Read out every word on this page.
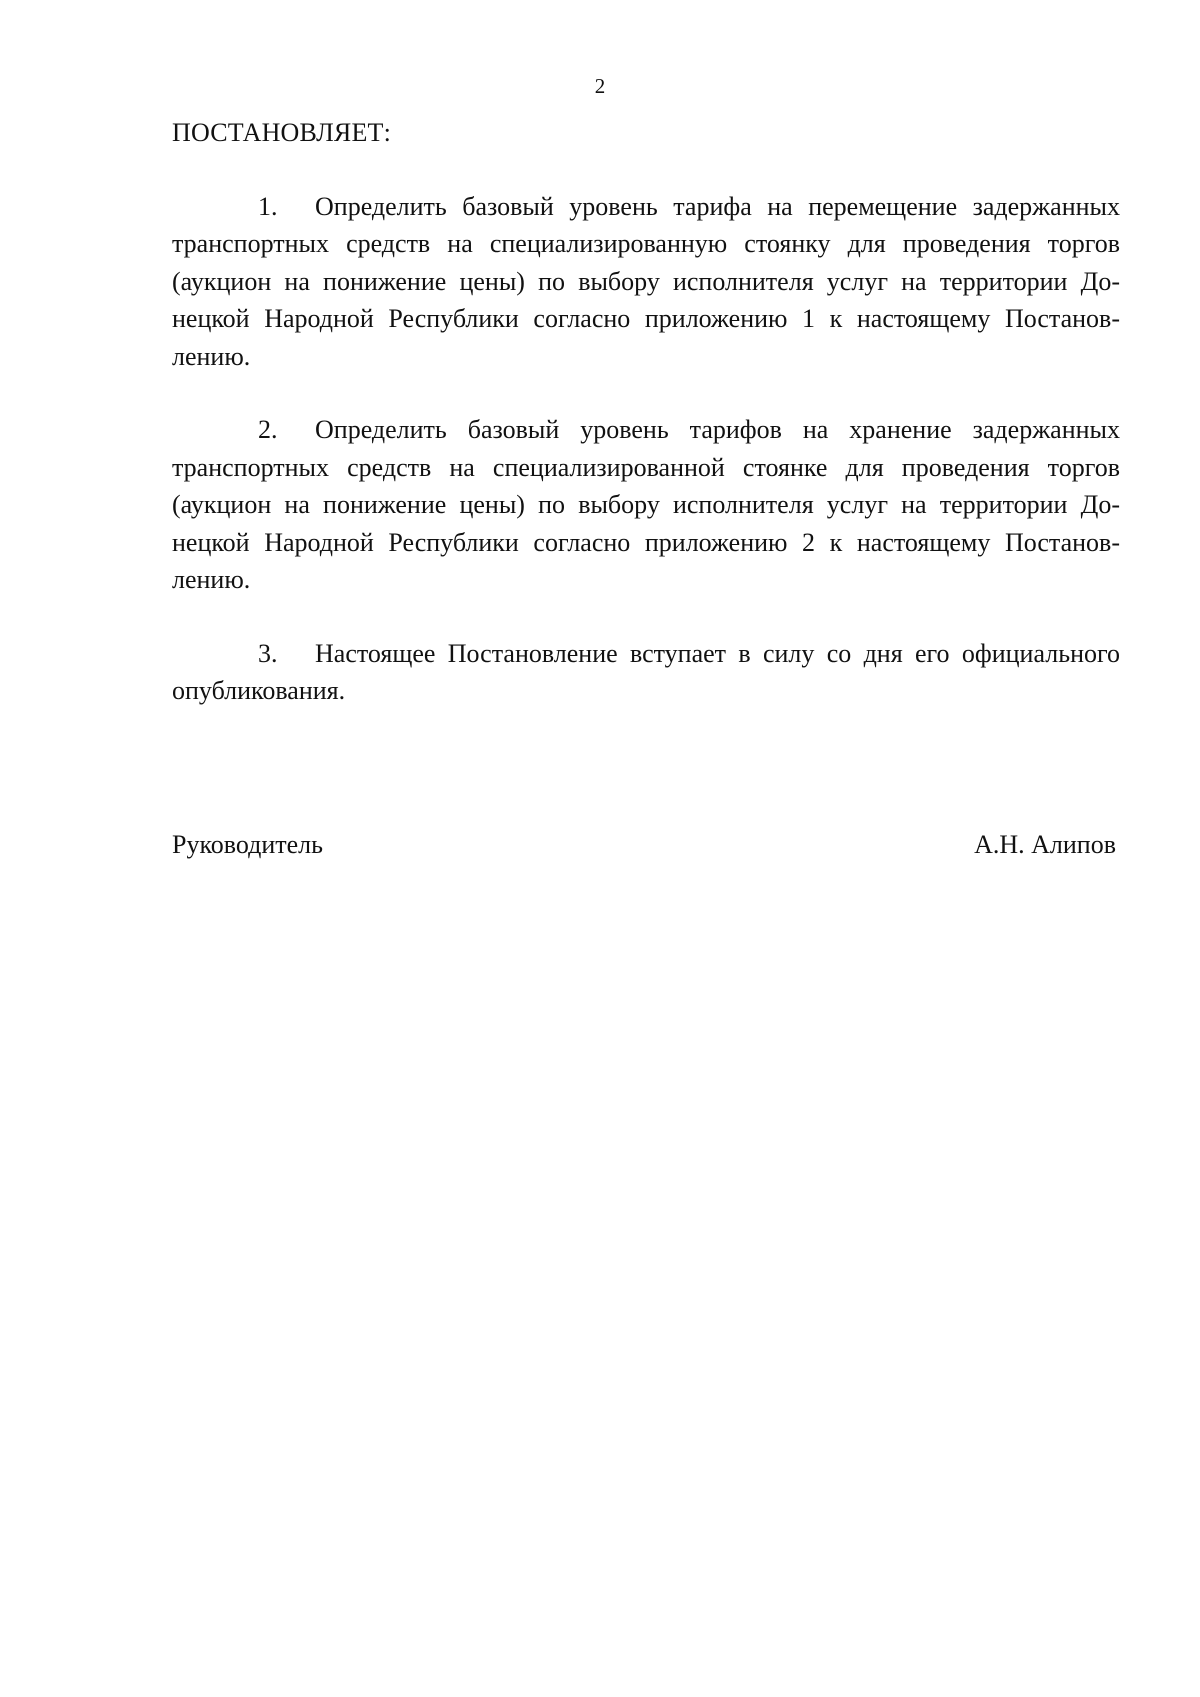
2

ПОСТАНОВЛЯЕТ:

1. Определить базовый уровень тарифа на перемещение задержанных транспортных средств на специализированную стоянку для проведения торгов (аукцион на понижение цены) по выбору исполнителя услуг на территории Донецкой Народной Республики согласно приложению 1 к настоящему Постановлению.

2. Определить базовый уровень тарифов на хранение задержанных транспортных средств на специализированной стоянке для проведения торгов (аукцион на понижение цены) по выбору исполнителя услуг на территории Донецкой Народной Республики согласно приложению 2 к настоящему Постановлению.

3. Настоящее Постановление вступает в силу со дня его официального опубликования.

Руководитель	А.Н. Алипов
